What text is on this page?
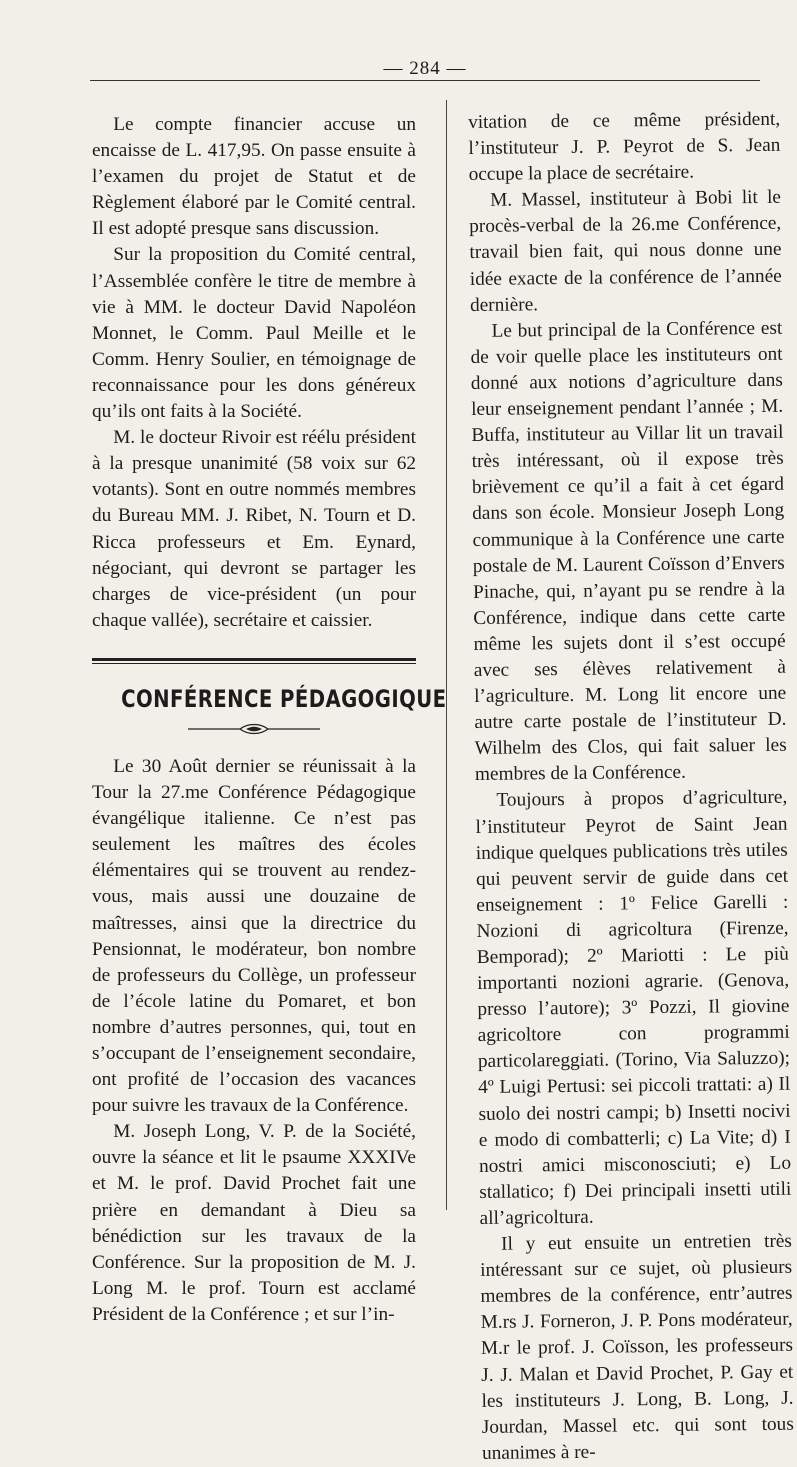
— 284 —

Le compte financier accuse un encaisse de L. 417,95. On passe ensuite à l’examen du projet de Statut et de Règlement élaboré par le Comité central. Il est adopté presque sans discussion.

Sur la proposition du Comité central, l’Assemblée confère le titre de membre à vie à MM. le docteur David Napoléon Monnet, le Comm. Paul Meille et le Comm. Henry Soulier, en témoignage de reconnaissance pour les dons généreux qu’ils ont faits à la Société.

M. le docteur Rivoir est réélu président à la presque unanimité (58 voix sur 62 votants). Sont en outre nommés membres du Bureau MM. J. Ribet, N. Tourn et D. Ricca professeurs et Em. Eynard, négociant, qui devront se partager les charges de vice-président (un pour chaque vallée), secrétaire et caissier.

CONFÉRENCE PÉDAGOGIQUE

Le 30 Août dernier se réunissait à la Tour la 27.me Conférence Pédagogique évangélique italienne. Ce n’est pas seulement les maîtres des écoles élémentaires qui se trouvent au rendez-vous, mais aussi une douzaine de maîtresses, ainsi que la directrice du Pensionnat, le modérateur, bon nombre de professeurs du Collège, un professeur de l’école latine du Pomaret, et bon nombre d’autres personnes, qui, tout en s’occupant de l’enseignement secondaire, ont profité de l’occasion des vacances pour suivre les travaux de la Conférence.

M. Joseph Long, V. P. de la Société, ouvre la séance et lit le psaume XXXIVe et M. le prof. David Prochet fait une prière en demandant à Dieu sa bénédiction sur les travaux de la Conférence. Sur la proposition de M. J. Long M. le prof. Tourn est acclamé Président de la Conférence ; et sur l’in-

vitation de ce même président, l’instituteur J. P. Peyrot de S. Jean occupe la place de secrétaire.

M. Massel, instituteur à Bobi lit le procès-verbal de la 26.me Conférence, travail bien fait, qui nous donne une idée exacte de la conférence de l’année dernière.

Le but principal de la Conférence est de voir quelle place les instituteurs ont donné aux notions d’agriculture dans leur enseignement pendant l’année ; M. Buffa, instituteur au Villar lit un travail très intéressant, où il expose très brièvement ce qu’il a fait à cet égard dans son école. Monsieur Joseph Long communique à la Conférence une carte postale de M. Laurent Coïsson d’Envers Pinache, qui, n’ayant pu se rendre à la Conférence, indique dans cette carte même les sujets dont il s’est occupé avec ses élèves relativement à l’agriculture. M. Long lit encore une autre carte postale de l’instituteur D. Wilhelm des Clos, qui fait saluer les membres de la Conférence.

Toujours à propos d’agriculture, l’instituteur Peyrot de Saint Jean indique quelques publications très utiles qui peuvent servir de guide dans cet enseignement : 1º Felice Garelli : Nozioni di agricoltura (Firenze, Bemporad); 2º Mariotti : Le più importanti nozioni agrarie. (Genova, presso l’autore); 3º Pozzi, Il giovine agricoltore con programmi particolareggiati. (Torino, Via Saluzzo); 4º Luigi Pertusi: sei piccoli trattati: a) Il suolo dei nostri campi; b) Insetti nocivi e modo di combatterli; c) La Vite; d) I nostri amici misconosciuti; e) Lo stallatico; f) Dei principali insetti utili all’agricoltura.

Il y eut ensuite un entretien très intéressant sur ce sujet, où plusieurs membres de la conférence, entr’autres M.rs J. Forneron, J. P. Pons modérateur, M.r le prof. J. Coïsson, les professeurs J. J. Malan et David Prochet, P. Gay et les instituteurs J. Long, B. Long, J. Jourdan, Massel etc. qui sont tous unanimes à re-
